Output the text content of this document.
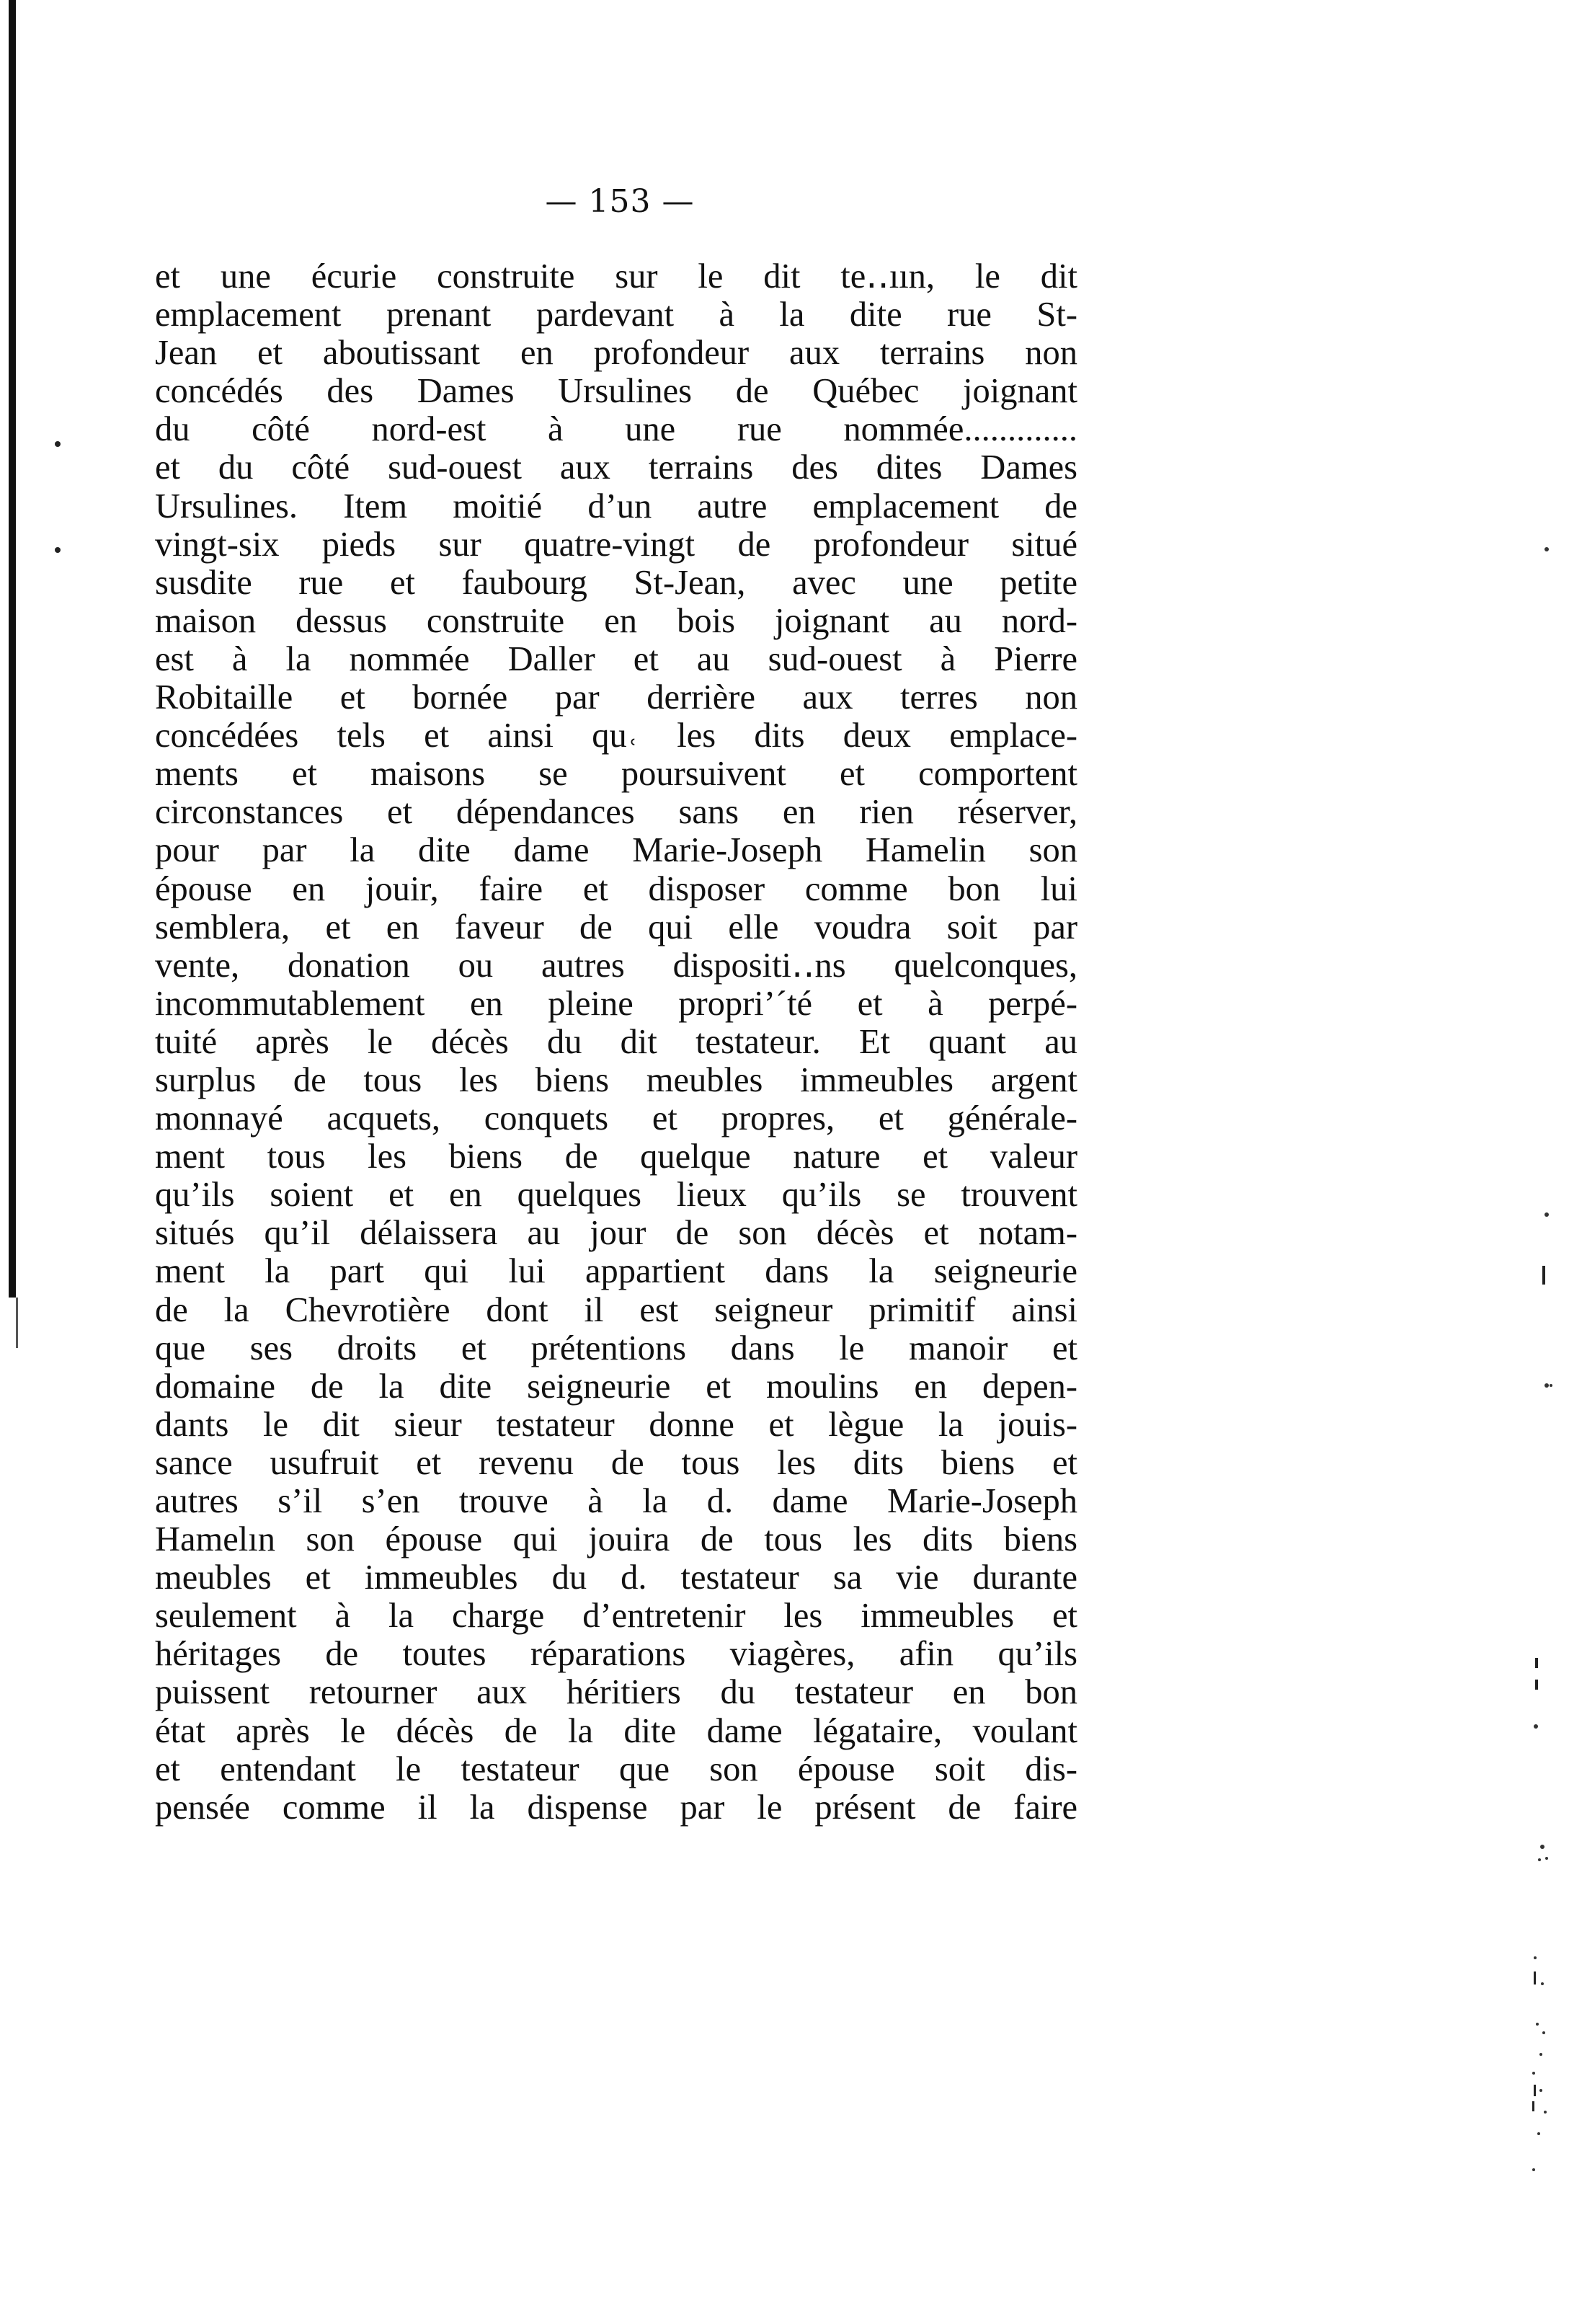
— 153 —
et une écurie construite sur le dit te․․ıın, le dit
emplacement prenant pardevant à la dite rue St-
Jean et aboutissant en profondeur aux terrains non
concédés des Dames Ursulines de Québec joignant
du côté nord-est à une rue nommée.............
et du côté sud-ouest aux terrains des dites Dames
Ursulines. Item moitié d’un autre emplacement de
vingt-six pieds sur quatre-vingt de profondeur situé
susdite rue et faubourg St-Jean, avec une petite
maison dessus construite en bois joignant au nord-
est à la nommée Daller et au sud-ouest à Pierre
Robitaille et bornée par derrière aux terres non
concédées tels et ainsi qu˓ les dits deux emplace-
ments et maisons se poursuivent et comportent
circonstances et dépendances sans en rien réserver,
pour par la dite dame Marie-Joseph Hamelin son
épouse en jouir, faire et disposer comme bon lui
semblera, et en faveur de qui elle voudra soit par
vente, donation ou autres dispositi․․ns quelconques,
incommutablement en pleine propri’´té et à perpé-
tuité après le décès du dit testateur. Et quant au
surplus de tous les biens meubles immeubles argent
monnayé acquets, conquets et propres, et générale-
ment tous les biens de quelque nature et valeur
qu’ils soient et en quelques lieux qu’ils se trouvent
situés qu’il délaissera au jour de son décès et notam-
ment la part qui lui appartient dans la seigneurie
de la Chevrotière dont il est seigneur primitif ainsi
que ses droits et prétentions dans le manoir et
domaine de la dite seigneurie et moulins en depen-
dants le dit sieur testateur donne et lègue la jouis-
sance usufruit et revenu de tous les dits biens et
autres s’il s’en trouve à la d. dame Marie-Joseph
Hamelın son épouse qui jouira de tous les dits biens
meubles et immeubles du d. testateur sa vie durante
seulement à la charge d’entretenir les immeubles et
héritages de toutes réparations viagères, afin qu’ils
puissent retourner aux héritiers du testateur en bon
état après le décès de la dite dame légataire, voulant
et entendant le testateur que son épouse soit dis-
pensée comme il la dispense par le présent de faire
